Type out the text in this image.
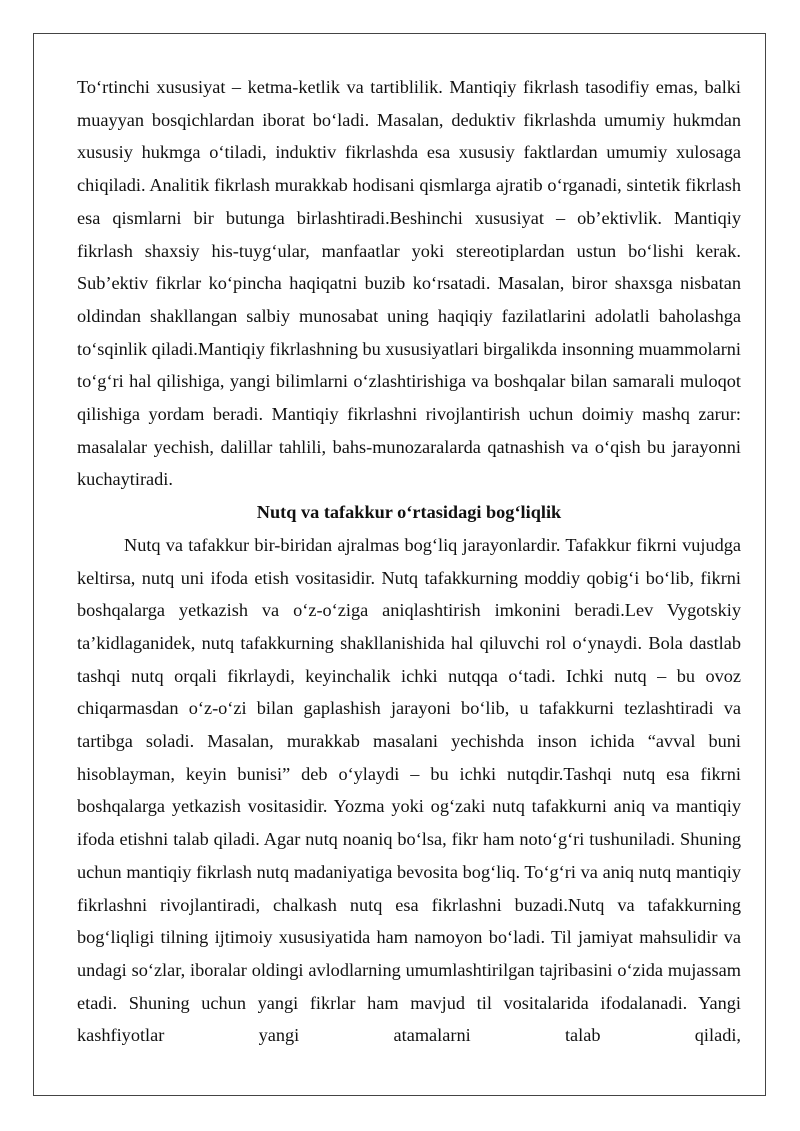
To‘rtinchi xususiyat – ketma-ketlik va tartiblilik. Mantiqiy fikrlash tasodifiy emas, balki muayyan bosqichlardan iborat bo‘ladi. Masalan, deduktiv fikrlashda umumiy hukmdan xususiy hukmga o‘tiladi, induktiv fikrlashda esa xususiy faktlardan umumiy xulosaga chiqiladi. Analitik fikrlash murakkab hodisani qismlarga ajratib o‘rganadi, sintetik fikrlash esa qismlarni bir butunga birlashtiradi.Beshinchi xususiyat – ob’ektivlik. Mantiqiy fikrlash shaxsiy his-tuyg‘ular, manfaatlar yoki stereotiplardan ustun bo‘lishi kerak. Sub’ektiv fikrlar ko‘pincha haqiqatni buzib ko‘rsatadi. Masalan, biror shaxsga nisbatan oldindan shakllangan salbiy munosabat uning haqiqiy fazilatlarini adolatli baholashga to‘sqinlik qiladi.Mantiqiy fikrlashning bu xususiyatlari birgalikda insonning muammolarni to‘g‘ri hal qilishiga, yangi bilimlarni o‘zlashtirishiga va boshqalar bilan samarali muloqot qilishiga yordam beradi. Mantiqiy fikrlashni rivojlantirish uchun doimiy mashq zarur: masalalar yechish, dalillar tahlili, bahs-munozaralarda qatnashish va o‘qish bu jarayonni kuchaytiradi.

Nutq va tafakkur o‘rtasidagi bog‘liqlik

Nutq va tafakkur bir-biridan ajralmas bog‘liq jarayonlardir. Tafakkur fikrni vujudga keltirsa, nutq uni ifoda etish vositasidir. Nutq tafakkurning moddiy qobig‘i bo‘lib, fikrni boshqalarga yetkazish va o‘z-o‘ziga aniqlashtirish imkonini beradi.Lev Vygotskiy ta’kidlaganidek, nutq tafakkurning shakllanishida hal qiluvchi rol o‘ynaydi. Bola dastlab tashqi nutq orqali fikrlaydi, keyinchalik ichki nutqqa o‘tadi. Ichki nutq – bu ovoz chiqarmasdan o‘z-o‘zi bilan gaplashish jarayoni bo‘lib, u tafakkurni tezlashtiradi va tartibga soladi. Masalan, murakkab masalani yechishda inson ichida “avval buni hisoblayman, keyin bunisi” deb o‘ylaydi – bu ichki nutqdir.Tashqi nutq esa fikrni boshqalarga yetkazish vositasidir. Yozma yoki og‘zaki nutq tafakkurni aniq va mantiqiy ifoda etishni talab qiladi. Agar nutq noaniq bo‘lsa, fikr ham noto‘g‘ri tushuniladi. Shuning uchun mantiqiy fikrlash nutq madaniyatiga bevosita bog‘liq. To‘g‘ri va aniq nutq mantiqiy fikrlashni rivojlantiradi, chalkash nutq esa fikrlashni buzadi.Nutq va tafakkurning bog‘liqligi tilning ijtimoiy xususiyatida ham namoyon bo‘ladi. Til jamiyat mahsulidir va undagi so‘zlar, iboralar oldingi avlodlarning umumlashtirilgan tajribasini o‘zida mujassam etadi. Shuning uchun yangi fikrlar ham mavjud til vositalarida ifodalanadi. Yangi kashfiyotlar yangi atamalarni talab qiladi,
